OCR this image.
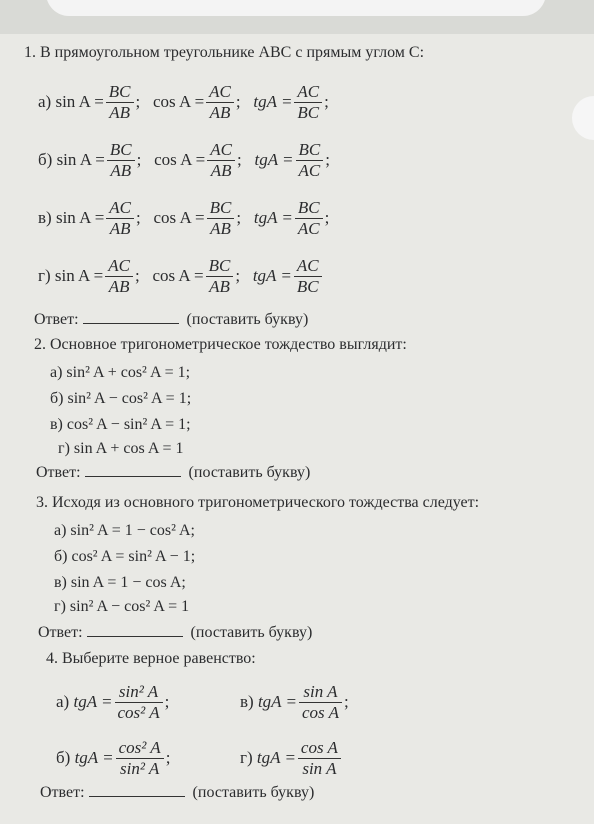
1. В прямоугольном треугольнике АВС с прямым углом С:
а)
$\sin A = \frac{BC}{AB}$ ;
$\cos A = \frac{AC}{AB}$ ;
tgA = $\frac{AC}{BC}$ ;
б)
$\sin A = \frac{BC}{AB}$ ;
$\cos A = \frac{AC}{AB}$ ;
tgA = $\frac{BC}{AC}$ ;
в)
$\sin A = \frac{AC}{AB}$ ;
$\cos A = \frac{BC}{AB}$ ;
tgA = $\frac{BC}{AC}$ ;
г)
$\sin A = \frac{AC}{AB}$ ;
$\cos A = \frac{BC}{AB}$ ;
tgA = $\frac{AC}{BC}$
Ответ:	(поставить букву)
2. Основное тригонометрическое тождество выглядит:
а) sin² A + cos² A = 1;
б) sin² A − cos² A = 1;
в) cos² A − sin² A = 1;
г) sin A + cos A = 1
Ответ:	(поставить букву)
3. Исходя из основного тригонометрического тождества следует:
а) sin² A = 1 − cos² A;
б) cos² A = sin² A − 1;
в) sin A = 1 − cos A;
г) sin² A − cos² A = 1
Ответ:	(поставить букву)
4. Выберите верное равенство:
а)
tgA = $\frac{\text{sin² A}}{\text{cos² A}}$ ;	в)
tgA = $\frac{\text{sin A}}{\text{cos A}}$ ;
б)
tgA = $\frac{\text{cos² A}}{\text{sin² A}}$ ;	г)
tgA = $\frac{\text{cos A}}{\text{sin A}}$
Ответ:	(поставить букву)
